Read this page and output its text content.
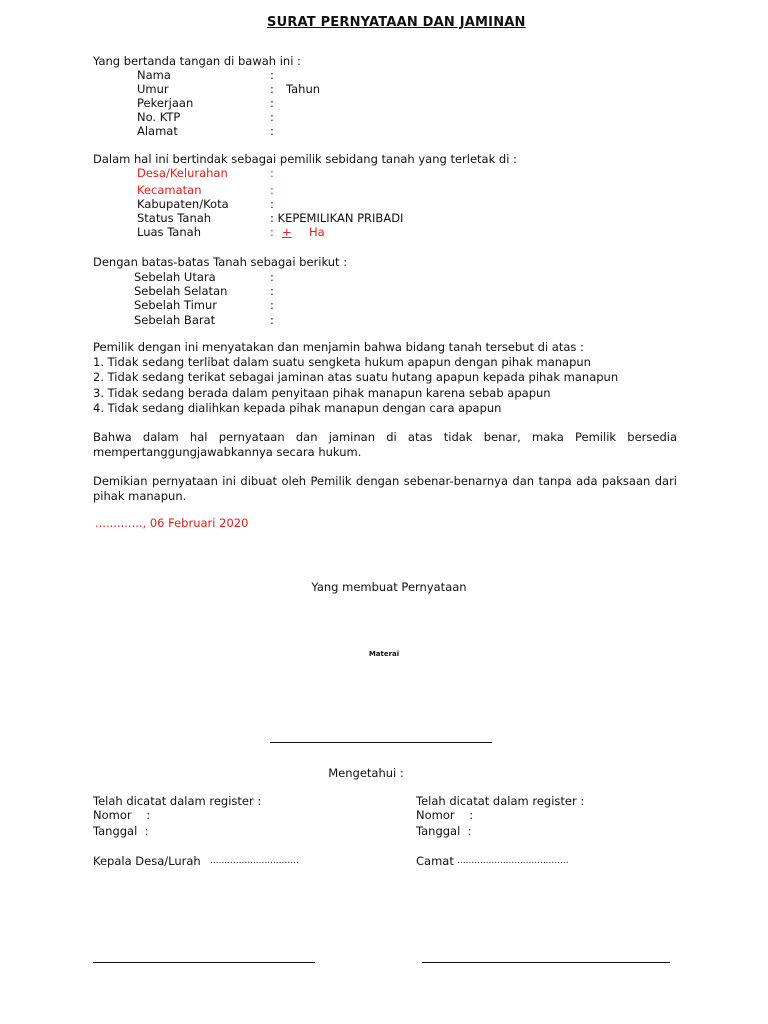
SURAT PERNYATAAN DAN JAMINAN
Yang bertanda tangan di bawah ini :
Nama	:
Umur	: Tahun
Pekerjaan	:
No. KTP	:
Alamat	:
Dalam hal ini bertindak sebagai pemilik sebidang tanah yang terletak di :
Desa/Kelurahan	:
Kecamatan	:
Kabupaten/Kota	:
Status Tanah	: KEPEMILIKAN PRIBADI
Luas Tanah	: + Ha
Dengan batas-batas Tanah sebagai berikut :
Sebelah Utara	:
Sebelah Selatan	:
Sebelah Timur	:
Sebelah Barat	:
Pemilik dengan ini menyatakan dan menjamin bahwa bidang tanah tersebut di atas :
1. Tidak sedang terlibat dalam suatu sengketa hukum apapun dengan pihak manapun
2. Tidak sedang terikat sebagai jaminan atas suatu hutang apapun kepada pihak manapun
3. Tidak sedang berada dalam penyitaan pihak manapun karena sebab apapun
4. Tidak sedang dialihkan kepada pihak manapun dengan cara apapun
Bahwa dalam hal pernyataan dan jaminan di atas tidak benar, maka Pemilik bersedia mempertanggungjawabkannya secara hukum.
Demikian pernyataan ini dibuat oleh Pemilik dengan sebenar-benarnya dan tanpa ada paksaan dari pihak manapun.
............., 06 Februari 2020
Yang membuat Pernyataan
Materai
Mengetahui :
Telah dicatat dalam register :
Nomor    :
Tanggal  :
Kepala Desa/Lurah ...............................
Telah dicatat dalam register :
Nomor    :
Tanggal  :
Camat .......................................
